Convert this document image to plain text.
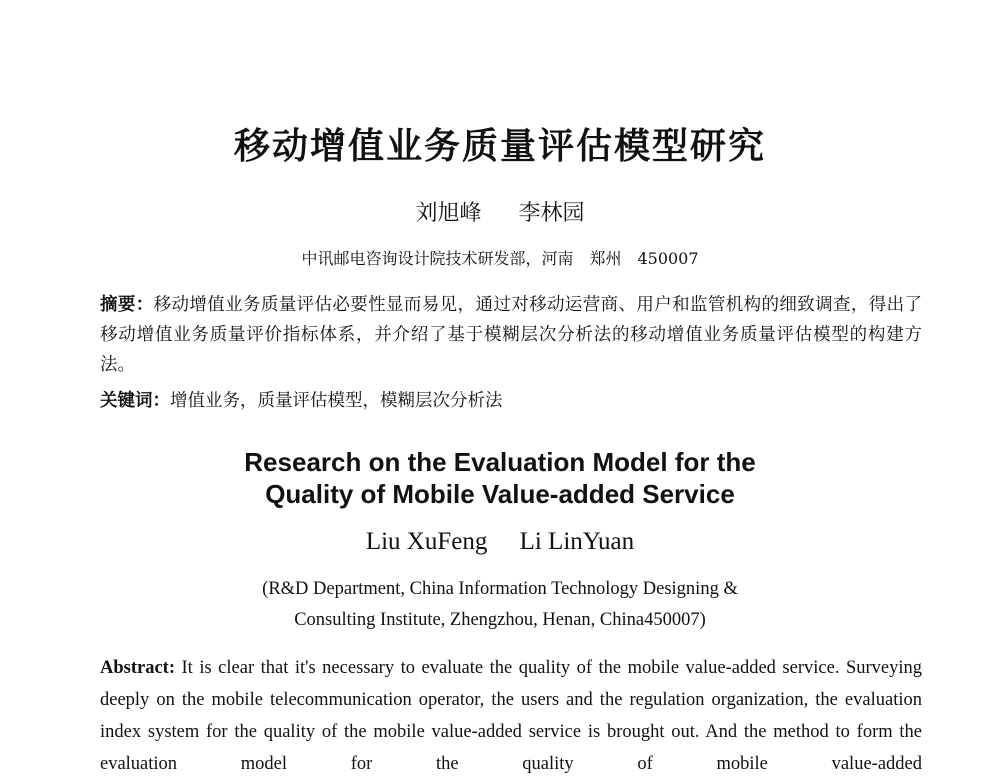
移动增值业务质量评估模型研究
刘旭峰 李林园
中讯邮电咨询设计院技术研发部，河南　郑州　450007

摘要：移动增值业务质量评估必要性显而易见，通过对移动运营商、用户和监管机构的细致调查，得出了移动增值业务质量评价指标体系，并介绍了基于模糊层次分析法的移动增值业务质量评估模型的构建方法。

关键词：增值业务，质量评估模型，模糊层次分析法

Research on the Evaluation Model for the
Quality of Mobile Value-added Service
Liu XuFeng Li LinYuan
(R&D Department, China Information Technology Designing &
Consulting Institute, Zhengzhou, Henan, China450007)

Abstract: It is clear that it's necessary to evaluate the quality of the mobile value-added service. Surveying deeply on the mobile telecommunication operator, the users and the regulation organization, the evaluation index system for the quality of the mobile value-added service is brought out. And the method to form the evaluation model for the quality of mobile value-added
